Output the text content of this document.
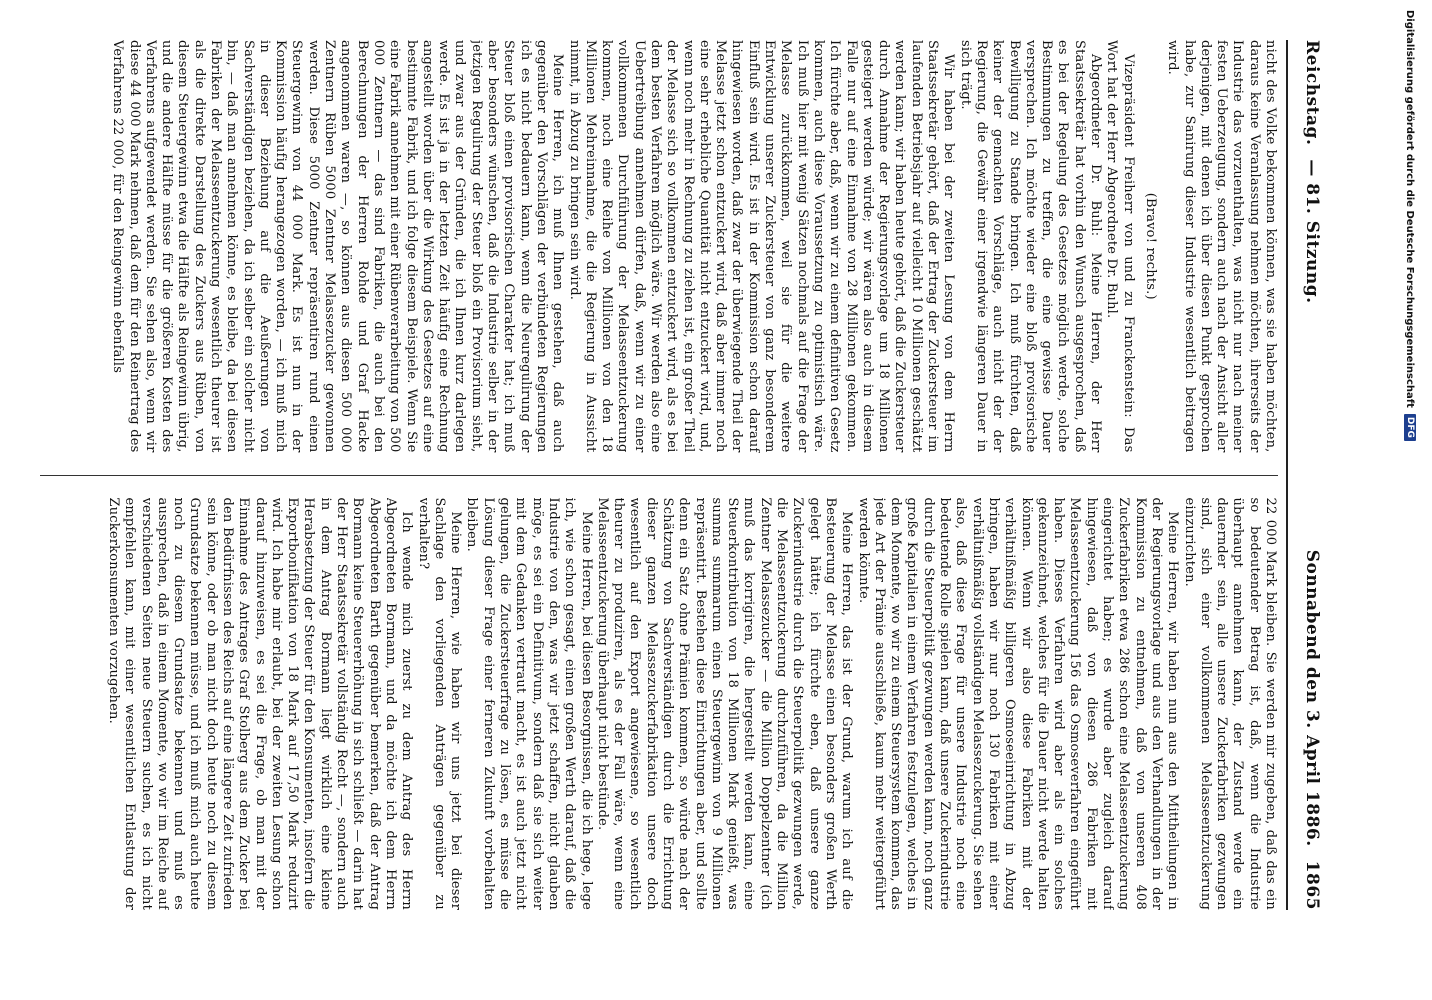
Reichstag.
— 81. Sitzung.
Sonnabend den 3. April 1886.
1865

nicht des Volke bekommen können, was sie haben möchten, daraus keine Veranlassung nehmen möchten, ihrerseits der Industrie das vorzuenthalten, was nicht nur nach meiner festen Ueberzeugung, sondern auch nach der Ansicht aller derjenigen, mit denen ich über diesen Punkt gesprochen habe, zur Sanirung dieser Industrie wesentlich beitragen wird.

(Bravo! rechts.)

Vizepräsident Freiherr von und zu Franckenstein: Das Wort hat der Herr Abgeordnete Dr. Buhl.

Abgeordneter Dr. Buhl: Meine Herren, der Herr Staatssekretär hat vorhin den Wunsch ausgesprochen, daß es bei der Regelung des Gesetzes möglich werde, solche Bestimmungen zu treffen, die eine gewisse Dauer versprechen. Ich möchte wieder eine bloß provisorische Bewilligung zu Stande bringen. Ich muß fürchten, daß keiner der gemachten Vorschläge, auch nicht der der Regierung, die Gewähr einer irgendwie längeren Dauer in sich trägt.

Wir haben bei der zweiten Lesung von dem Herrn Staatssekretär gehört, daß der Ertrag der Zuckersteuer im laufenden Betriebsjahr auf vielleicht 10 Millionen geschätzt werden kann; wir haben heute gehört, daß die Zuckersteuer durch Annahme der Regierungsvorlage um 18 Millionen gesteigert werden würde; wir wären also auch in diesem Falle nur auf eine Einnahme von 28 Millionen gekommen. Ich fürchte aber, daß, wenn wir zu einem definitiven Gesetz kommen, auch diese Voraussetzung zu optimistisch wäre. Ich muß hier mit wenig Sätzen nochmals auf die Frage der Melasse zurückkommen, weil sie für die weitere Entwicklung unserer Zuckersteuer von ganz besonderem Einfluß sein wird. Es ist in der Kommission schon darauf hingewiesen worden, daß zwar der überwiegende Theil der Melasse jetzt schon entzuckert wird, daß aber immer noch eine sehr erhebliche Quantität nicht entzuckert wird, und, wenn noch mehr in Rechnung zu ziehen ist, ein großer Theil der Melasse sich so vollkommen entzuckert wird, als es bei dem besten Verfahren möglich wäre. Wir werden also eine Uebertreibung annehmen dürfen, daß, wenn wir zu einer vollkommenen Durchführung der Melasseentzuckerung kommen, noch eine Reihe von Millionen von den 18 Millionen Mehreinnahme, die die Regierung in Aussicht nimmt, in Abzug zu bringen sein wird.

Meine Herren, ich muß Ihnen gestehen, daß auch gegenüber den Vorschlägen der verbündeten Regierungen ich es nicht bedauern kann, wenn die Neuregulirung der Steuer bloß einen provisorischen Charakter hat; ich muß aber besonders wünschen, daß die Industrie selber in der jetzigen Regulirung der Steuer bloß ein Provisorium sieht, und zwar aus der Gründen, die ich Ihnen kurz darlegen werde. Es ist ja in der letzten Zeit häufig eine Rechnung angestellt worden über die Wirkung des Gesetzes auf eine bestimmte Fabrik, und ich folge diesem Beispiele. Wenn Sie eine Fabrik annehmen mit einer Rübenverarbeitung von 500 000 Zentnern — das sind Fabriken, die auch bei den Berechnungen der Herren Rohde und Graf Hacke angenommen waren —, so können aus diesen 500 000 Zentnern Rüben 5000 Zentner Melassezucker gewonnen werden. Diese 5000 Zentner repräsentiren rund einen Steuergewinn von 44 000 Mark. Es ist nun in der Kommission häufig herangezogen worden, — ich muß mich in dieser Beziehung auf die Aeußerungen von Sachverständigen beziehen, da ich selber ein solcher nicht bin, — daß man annehmen könne, es bleibe, da bei diesen Fabriken der Melasseentzuckerung wesentlich theurer ist als die direkte Darstellung des Zuckers aus Rüben, von diesem Steuergewinn etwa die Hälfte als Reingewinn übrig, und die andere Hälfte müsse für die größeren Kosten des Verfahrens aufgewendet werden. Sie sehen also, wenn wir diese 44 000 Mark nehmen, daß dem für den Reinertrag des Verfahrens 22 000, für den Reingewinn ebenfalls

22 000 Mark bleiben. Sie werden mir zugeben, daß das ein so bedeutender Betrag ist, daß, wenn die Industrie überhaupt annehmen kann, der Zustand werde ein dauernder sein, alle unsere Zuckerfabriken gezwungen sind, sich einer vollkommenen Melasseentzuckerung einzurichten.

Meine Herren, wir haben nun aus den Mittheilungen in der Regierungsvorlage und aus den Verhandlungen in der Kommission zu entnehmen, daß von unseren 408 Zuckerfabriken etwa 286 schon eine Melasseentzuckerung eingerichtet haben; es wurde aber zugleich darauf hingewiesen, daß von diesen 286 Fabriken mit Melasseentzuckerung 156 das Osmoseverfahren eingeführt haben. Dieses Verfahren wird aber als ein solches gekennzeichnet, welches für die Dauer nicht werde halten können. Wenn wir also diese Fabriken mit der verhältnißmäßig billigeren Osmoseeinrichtung in Abzug bringen, haben wir nur noch 130 Fabriken mit einer verhältnißmäßig vollständigen Melassezuckerung. Sie sehen also, daß diese Frage für unsere Industrie noch eine bedeutende Rolle spielen kann, daß unsere Zuckerindustrie durch die Steuerpolitik gezwungen werden kann, noch ganz große Kapitalien in einem Verfahren festzulegen, welches in dem Momente, wo wir zu einem Steuersystem kommen, das jede Art der Prämie ausschließe, kaum mehr weitergeführt werden könnte.

Meine Herren, das ist der Grund, warum ich auf die Besteuerung der Melasse einen besonders großen Werth gelegt hätte; ich fürchte eben, daß unsere ganze Zuckerindustrie durch die Steuerpolitik gezwungen werde, die Melasseentzuckerung durchzuführen, da die Million Zentner Melassezucker — die Million Doppelzentner (ich muß das korrigiren, die hergestellt werden kann, eine Steuerkontribution von 18 Millionen Mark genießt, was summa summarum einen Steuergewinn von 9 Millionen repräsentirt. Bestehen diese Einrichtungen aber, und sollte denn ein Satz ohne Prämien kommen, so würde nach der Schätzung von Sachverständigen durch die Errichtung dieser ganzen Melassezuckerfabrikation unsere doch wesentlich auf den Export angewiesene, so wesentlich theurer zu produziren, als es der Fall wäre, wenn eine Melasseentzuckerung überhaupt nicht bestünde.

Meine Herren, bei diesen Besorgnissen, die ich hege, lege ich, wie schon gesagt, einen großen Werth darauf, daß die Industrie von den, was wir jetzt schaffen, nicht glauben möge, es sei ein Definitivum, sondern daß sie sich weiter mit dem Gedanken vertraut macht, es ist auch jetzt nicht gelungen, die Zuckersteuerfrage zu lösen, es müsse die Lösung dieser Frage einer ferneren Zukunft vorbehalten bleiben.

Meine Herren, wie haben wir uns jetzt bei dieser Sachlage den vorliegenden Anträgen gegenüber zu verhalten?

Ich wende mich zuerst zu dem Antrag des Herrn Abgeordneten Bormann, und da möchte ich dem Herrn Abgeordneten Barth gegenüber bemerken, daß der Antrag Bormann keine Steuererhöhung in sich schließt — darin hat der Herr Staatssekretär vollständig Recht —, sondern auch in dem Antrag Bormann liegt wirklich eine kleine Herabsetzung der Steuer für den Konsumenten, insofern die Exportbonifikation von 18 Mark auf 17,50 Mark reduzirt wird. Ich habe mir erlaubt, bei der zweiten Lesung schon darauf hinzuweisen, es sei die Frage, ob man mit der Einnahme des Antrages Graf Stolberg aus dem Zucker bei den Bedürfnissen des Reichs auf eine längere Zeit zufrieden sein könne, oder ob man nicht doch heute noch zu diesem Grundsatze bekennen müsse, und ich muß mich auch heute noch zu diesem Grundsatze bekennen und muß es aussprechen, daß in einem Momente, wo wir im Reiche auf verschiedenen Seiten neue Steuern suchen, es ich nicht empfehlen kann, mit einer wesentlichen Entlastung der Zuckerkonsumenten vorzugehen.

Digitalisierung gefördert durch die Deutsche Forschungsgemeinschaft
DFG
